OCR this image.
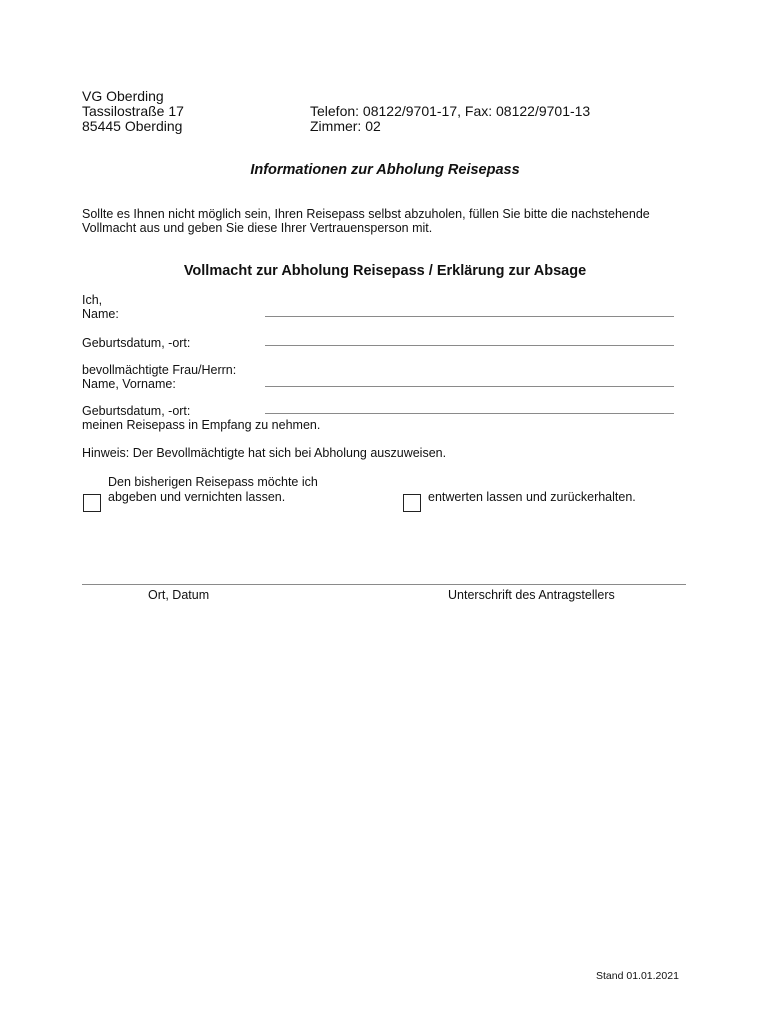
VG Oberding
Tassilostraße 17
85445 Oberding
Telefon: 08122/9701-17, Fax: 08122/9701-13
Zimmer: 02
Informationen zur Abholung Reisepass
Sollte es Ihnen nicht möglich sein, Ihren Reisepass selbst abzuholen, füllen Sie bitte die nachstehende
Vollmacht aus und geben Sie diese Ihrer Vertrauensperson mit.
Vollmacht zur Abholung Reisepass / Erklärung zur Absage
Ich,
Name:
Geburtsdatum, -ort:
bevollmächtigte Frau/Herrn:
Name, Vorname:
Geburtsdatum, -ort:
meinen Reisepass in Empfang zu nehmen.
Hinweis: Der Bevollmächtigte hat sich bei Abholung auszuweisen.
Den bisherigen Reisepass möchte ich
abgeben und vernichten lassen.	entwerten lassen und zurückerhalten.
Ort, Datum	Unterschrift des Antragstellers
Stand 01.01.2021
